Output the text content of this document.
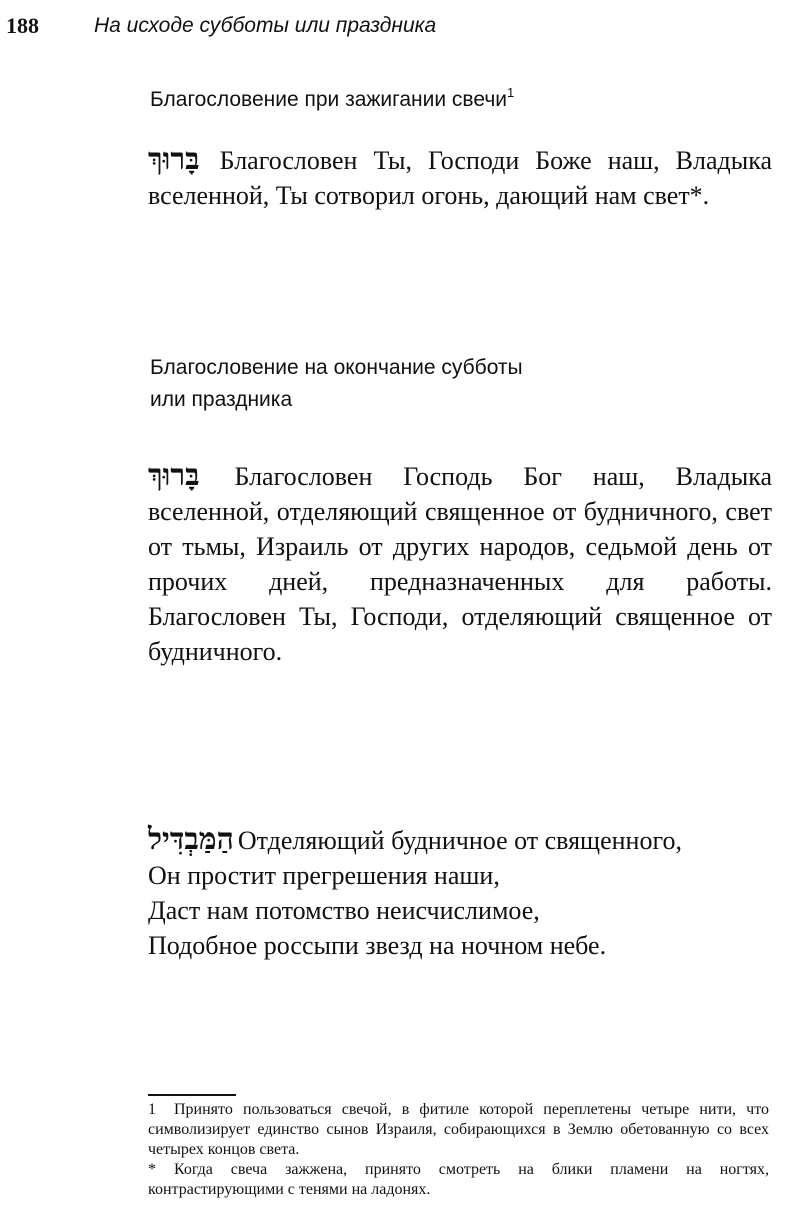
188	На исходе субботы или праздника
Благословение при зажигании свечи$^1$
בָּרוּךְ Благословен Ты, Господи Боже наш, Владыка вселенной, Ты сотворил огонь, дающий нам свет*.
Благословение на окончание субботы
или праздника
בָּרוּךְ Благословен Господь Бог наш, Владыка вселенной, отделяющий священное от будничного, свет от тьмы, Израиль от других народов, седьмой день от прочих дней, предназначенных для работы. Благословен Ты, Господи, отделяющий священное от будничного.
הַמַּבְדִּיל Отделяющий будничное от священного,
Он простит прегрешения наши,
Даст нам потомство неисчислимое,
Подобное россыпи звезд на ночном небе.

1 Принято пользоваться свечой, в фитиле которой переплетены четыре нити, что символизирует единство сынов Израиля, собирающихся в Землю обетованную со всех четырех концов света.

* Когда свеча зажжена, принято смотреть на блики пламени на ногтях, контрастирующими с тенями на ладонях.
